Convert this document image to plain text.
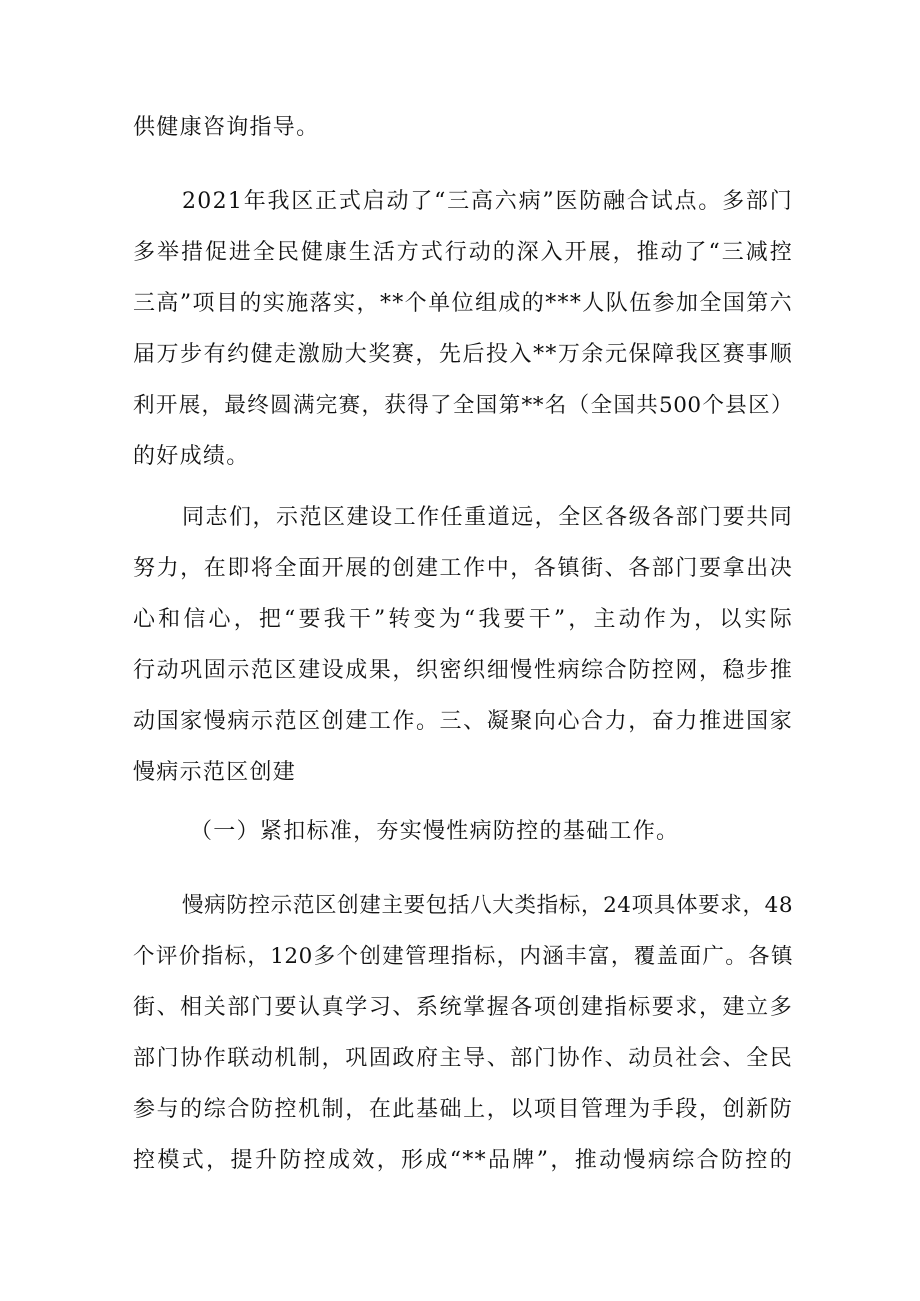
供健康咨询指导。
2021年我区正式启动了“三高六病”医防融合试点。多部门
多举措促进全民健康生活方式行动的深入开展，推动了“三减控
三高”项目的实施落实，**个单位组成的***人队伍参加全国第六
届万步有约健走激励大奖赛，先后投入**万余元保障我区赛事顺
利开展，最终圆满完赛，获得了全国第**名（全国共500个县区）
的好成绩。
同志们，示范区建设工作任重道远，全区各级各部门要共同
努力，在即将全面开展的创建工作中，各镇街、各部门要拿出决
心和信心，把“要我干”转变为“我要干”，主动作为，以实际
行动巩固示范区建设成果，织密织细慢性病综合防控网，稳步推
动国家慢病示范区创建工作。三、凝聚向心合力，奋力推进国家
慢病示范区创建
（一）紧扣标准，夯实慢性病防控的基础工作。
慢病防控示范区创建主要包括八大类指标，24项具体要求，48
个评价指标，120多个创建管理指标，内涵丰富，覆盖面广。各镇
街、相关部门要认真学习、系统掌握各项创建指标要求，建立多
部门协作联动机制，巩固政府主导、部门协作、动员社会、全民
参与的综合防控机制，在此基础上，以项目管理为手段，创新防
控模式，提升防控成效，形成“**品牌”，推动慢病综合防控的
